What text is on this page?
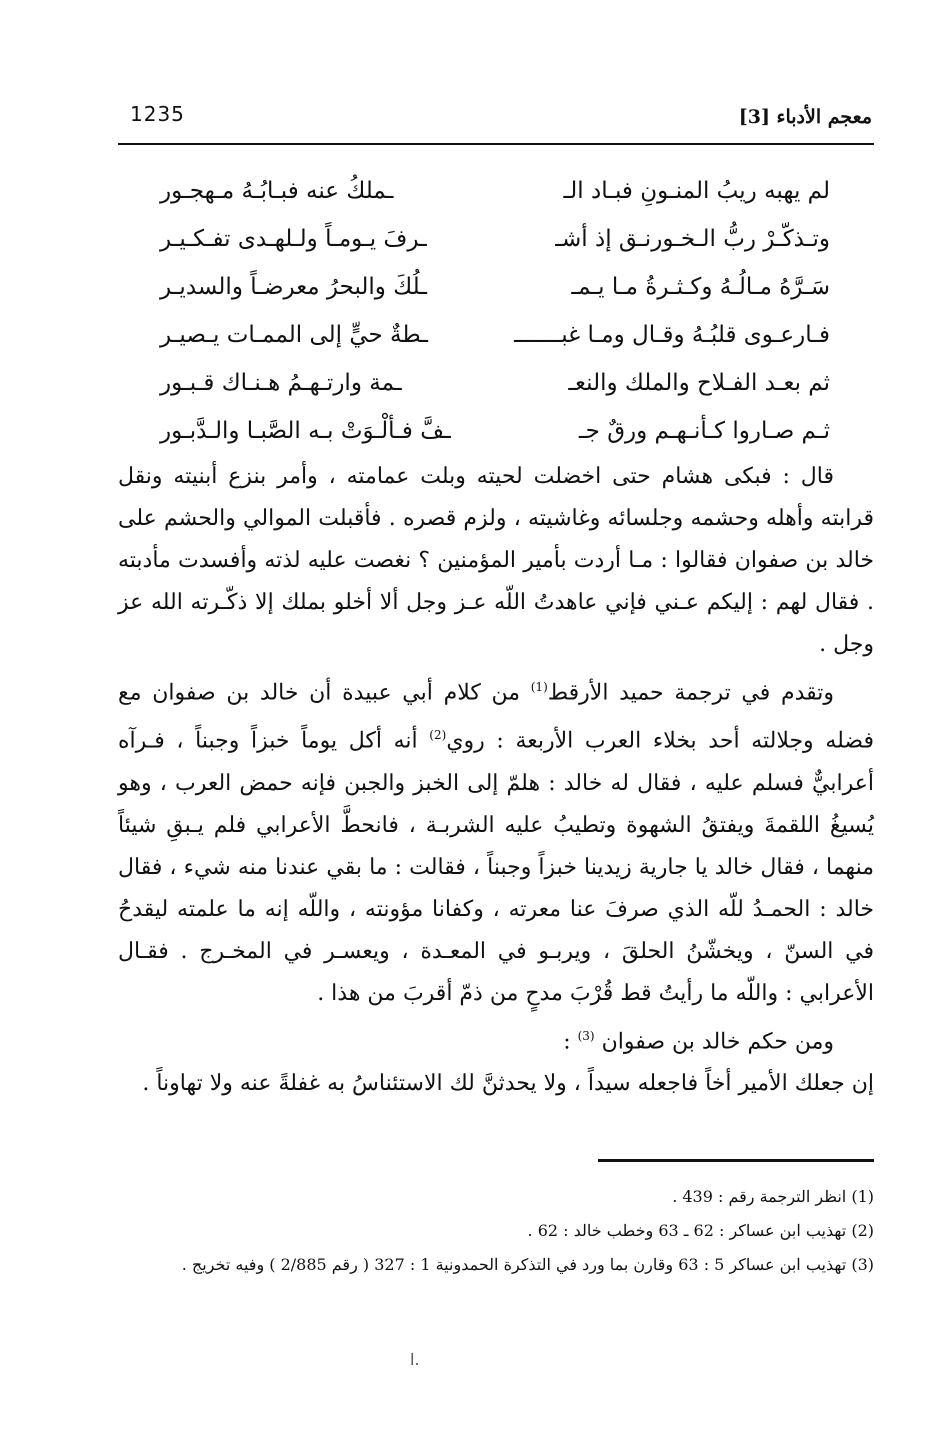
1235	معجم الأدباء [3]
لم يهبه ريبُ المنـونِ فبـاد الـ
ـملكُ عنه فبـابُـهُ مـهجـور
وتـذكّـرْ ربُّ الـخـورنـق إذ أشـ
ـرفَ يـومـاً ولـلهـدى تفـكـيـر
سَـرَّهُ مـالُـهُ وكـثـرةُ مـا يـمـ
ـلُكَ والبحرُ معرضـاً والسديـر
فـارعـوى قلبُـهُ وقـال ومـا غبـــــــ
ـطةٌ حيٍّ إلى الممـات يـصيـر
ثم بعـد الفـلاح والملك والنعـ
ـمة وارتـهـمُ هـنـاك قـبـور
ثـم صـاروا كـأنـهـم ورقٌ جـ
ـفَّ فـألْـوَتْ بـه الصَّبـا والـدَّبـور

قال : فبكى هشام حتى اخضلت لحيته وبلت عمامته ، وأمر بنزع أبنيته ونقل قرابته وأهله وحشمه وجلسائه وغاشيته ، ولزم قصره . فأقبلت الموالي والحشم على خالد بن صفوان فقالوا : مـا أردت بأمير المؤمنين ؟ نغصت عليه لذته وأفسدت مأدبته . فقال لهم : إليكم عـني فإني عاهدتُ اللّه عـز وجل ألا أخلو بملك إلا ذكّـرته الله عز وجل .

وتقدم في ترجمة حميد الأرقط$^{(1)}$ من كلام أبي عبيدة أن خالد بن صفوان مع فضله وجلالته أحد بخلاء العرب الأربعة : روي$^{(2)}$ أنه أكل يوماً خبزاً وجبناً ، فـرآه أعرابيٌّ فسلم عليه ، فقال له خالد : هلمّ إلى الخبز والجبن فإنه حمض العرب ، وهو يُسيغُ اللقمةَ ويفتقُ الشهوة وتطيبُ عليه الشربـة ، فانحطَّ الأعرابي فلم يـبقِ شيئاً منهما ، فقال خالد يا جارية زيدينا خبزاً وجبناً ، فقالت : ما بقي عندنا منه شيء ، فقال خالد : الحمـدُ للّه الذي صرفَ عنا معرته ، وكفانا مؤونته ، واللّه إنه ما علمته ليقدحُ في السنّ ، ويخشّنُ الحلقَ ، ويربـو في المعـدة ، ويعسـر في المخـرج . فقـال الأعرابي : واللّه ما رأيتُ قط قُرْبَ مدحٍ من ذمّ أقربَ من هذا .

ومن حكم خالد بن صفوان $^{(3)}$ :

إن جعلك الأمير أخاً فاجعله سيداً ، ولا يحدثنَّ لك الاستئناسُ به غفلةً عنه ولا تهاوناً .

(1) انظر الترجمة رقم : 439 .
(2) تهذيب ابن عساكر : 62 ـ 63 وخطب خالد : 62 .
(3) تهذيب ابن عساكر 5 : 63 وقارن بما ورد في التذكرة الحمدونية 1 : 327 ( رقم 2/885 ) وفيه تخريج .
ا.
